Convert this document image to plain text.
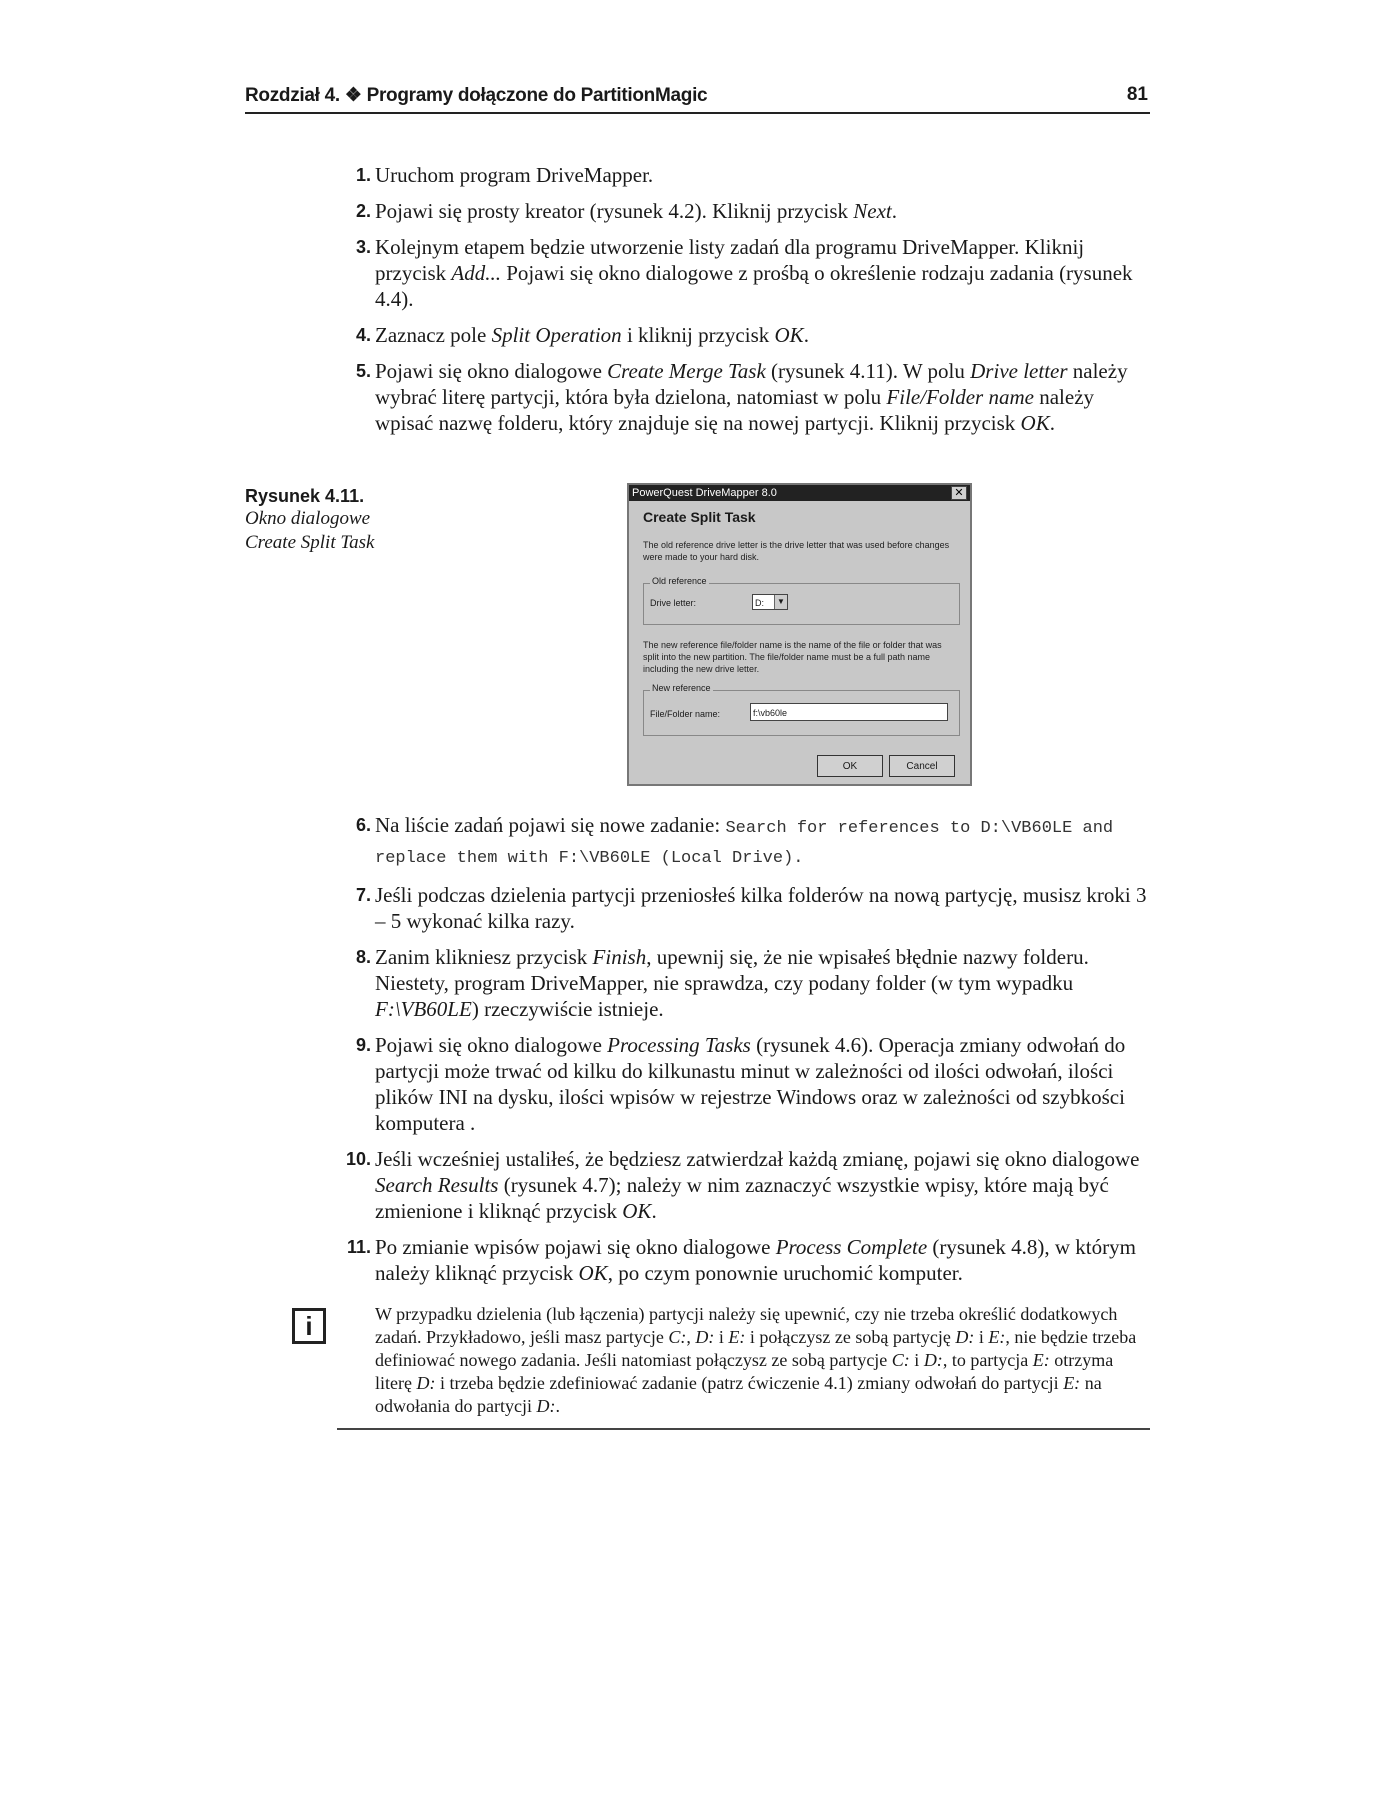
Rozdział 4. ❖ Programy dołączone do PartitionMagic	81
1. Uruchom program DriveMapper.
2. Pojawi się prosty kreator (rysunek 4.2). Kliknij przycisk Next.
3. Kolejnym etapem będzie utworzenie listy zadań dla programu DriveMapper. Kliknij przycisk Add... Pojawi się okno dialogowe z prośbą o określenie rodzaju zadania (rysunek 4.4).
4. Zaznacz pole Split Operation i kliknij przycisk OK.
5. Pojawi się okno dialogowe Create Merge Task (rysunek 4.11). W polu Drive letter należy wybrać literę partycji, która była dzielona, natomiast w polu File/Folder name należy wpisać nazwę folderu, który znajduje się na nowej partycji. Kliknij przycisk OK.
Rysunek 4.11.
Okno dialogowe
Create Split Task
PowerQuest DriveMapper 8.0	✕
Create Split Task
The old reference drive letter is the drive letter that was used before changes were made to your hard disk.
Old reference
Drive letter:	D:	▼
The new reference file/folder name is the name of the file or folder that was split into the new partition. The file/folder name must be a full path name including the new drive letter.
New reference
File/Folder name:	f:\vb60le
OK	Cancel
6. Na liście zadań pojawi się nowe zadanie: Search for references to D:\VB60LE and replace them with F:\VB60LE (Local Drive).
7. Jeśli podczas dzielenia partycji przeniosłeś kilka folderów na nową partycję, musisz kroki 3 – 5 wykonać kilka razy.
8. Zanim klikniesz przycisk Finish, upewnij się, że nie wpisałeś błędnie nazwy folderu. Niestety, program DriveMapper, nie sprawdza, czy podany folder (w tym wypadku F:\VB60LE) rzeczywiście istnieje.
9. Pojawi się okno dialogowe Processing Tasks (rysunek 4.6). Operacja zmiany odwołań do partycji może trwać od kilku do kilkunastu minut w zależności od ilości odwołań, ilości plików INI na dysku, ilości wpisów w rejestrze Windows oraz w zależności od szybkości komputera .
10. Jeśli wcześniej ustaliłeś, że będziesz zatwierdzał każdą zmianę, pojawi się okno dialogowe Search Results (rysunek 4.7); należy w nim zaznaczyć wszystkie wpisy, które mają być zmienione i kliknąć przycisk OK.
11. Po zmianie wpisów pojawi się okno dialogowe Process Complete (rysunek 4.8), w którym należy kliknąć przycisk OK, po czym ponownie uruchomić komputer.
i	W przypadku dzielenia (lub łączenia) partycji należy się upewnić, czy nie trzeba określić dodatkowych zadań. Przykładowo, jeśli masz partycje C:, D: i E: i połączysz ze sobą partycję D: i E:, nie będzie trzeba definiować nowego zadania. Jeśli natomiast połączysz ze sobą partycje C: i D:, to partycja E: otrzyma literę D: i trzeba będzie zdefiniować zadanie (patrz ćwiczenie 4.1) zmiany odwołań do partycji E: na odwołania do partycji D:.
